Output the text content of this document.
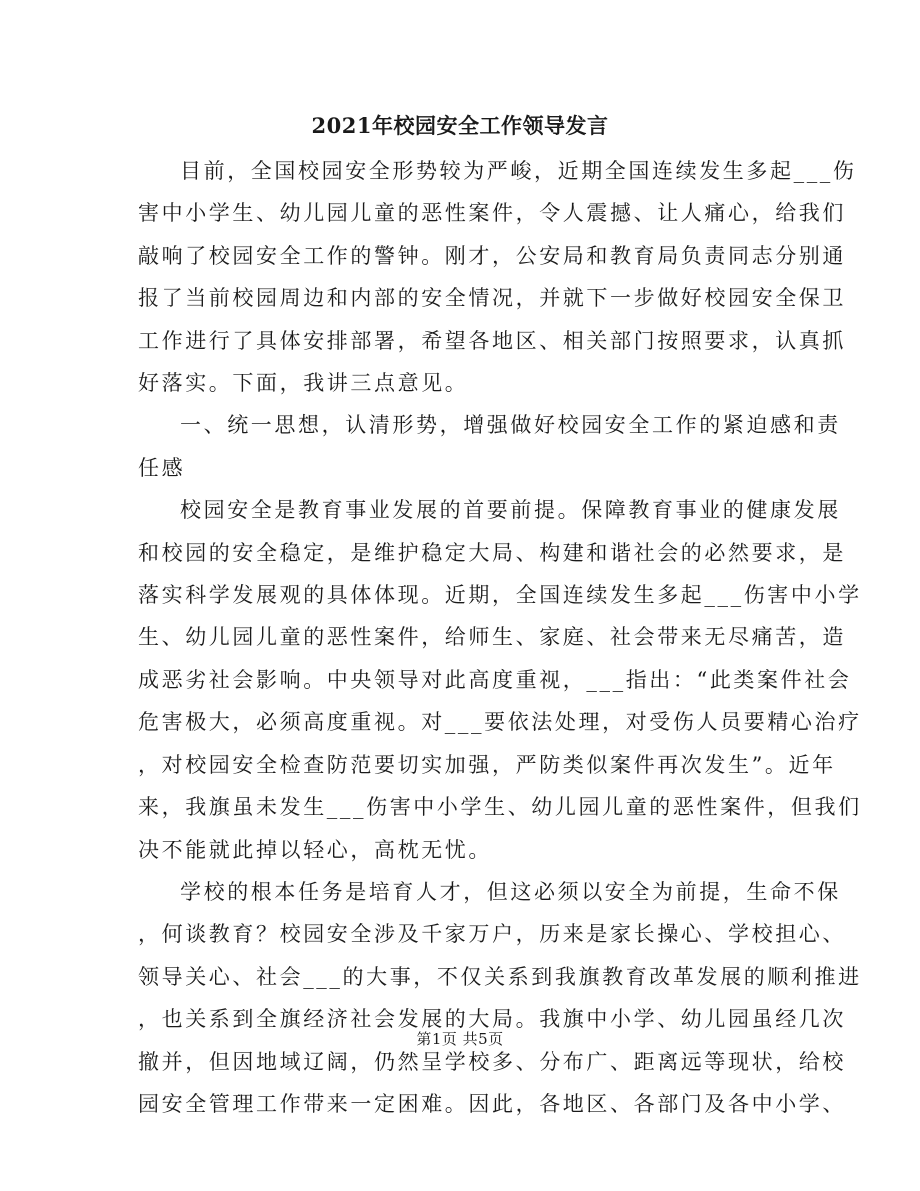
2021年校园安全工作领导发言
目前，全国校园安全形势较为严峻，近期全国连续发生多起___伤
害中小学生、幼儿园儿童的恶性案件，令人震撼、让人痛心，给我们
敲响了校园安全工作的警钟。刚才，公安局和教育局负责同志分别通
报了当前校园周边和内部的安全情况，并就下一步做好校园安全保卫
工作进行了具体安排部署，希望各地区、相关部门按照要求，认真抓
好落实。下面，我讲三点意见。
一、统一思想，认清形势，增强做好校园安全工作的紧迫感和责
任感
校园安全是教育事业发展的首要前提。保障教育事业的健康发展
和校园的安全稳定，是维护稳定大局、构建和谐社会的必然要求，是
落实科学发展观的具体体现。近期，全国连续发生多起___伤害中小学
生、幼儿园儿童的恶性案件，给师生、家庭、社会带来无尽痛苦，造
成恶劣社会影响。中央领导对此高度重视，___指出：“此类案件社会
危害极大，必须高度重视。对___要依法处理，对受伤人员要精心治疗
，对校园安全检查防范要切实加强，严防类似案件再次发生”。近年
来，我旗虽未发生___伤害中小学生、幼儿园儿童的恶性案件，但我们
决不能就此掉以轻心，高枕无忧。
学校的根本任务是培育人才，但这必须以安全为前提，生命不保
，何谈教育？校园安全涉及千家万户，历来是家长操心、学校担心、
领导关心、社会___的大事，不仅关系到我旗教育改革发展的顺利推进
，也关系到全旗经济社会发展的大局。我旗中小学、幼儿园虽经几次
撤并，但因地域辽阔，仍然呈学校多、分布广、距离远等现状，给校
园安全管理工作带来一定困难。因此，各地区、各部门及各中小学、
第1页 共5页
